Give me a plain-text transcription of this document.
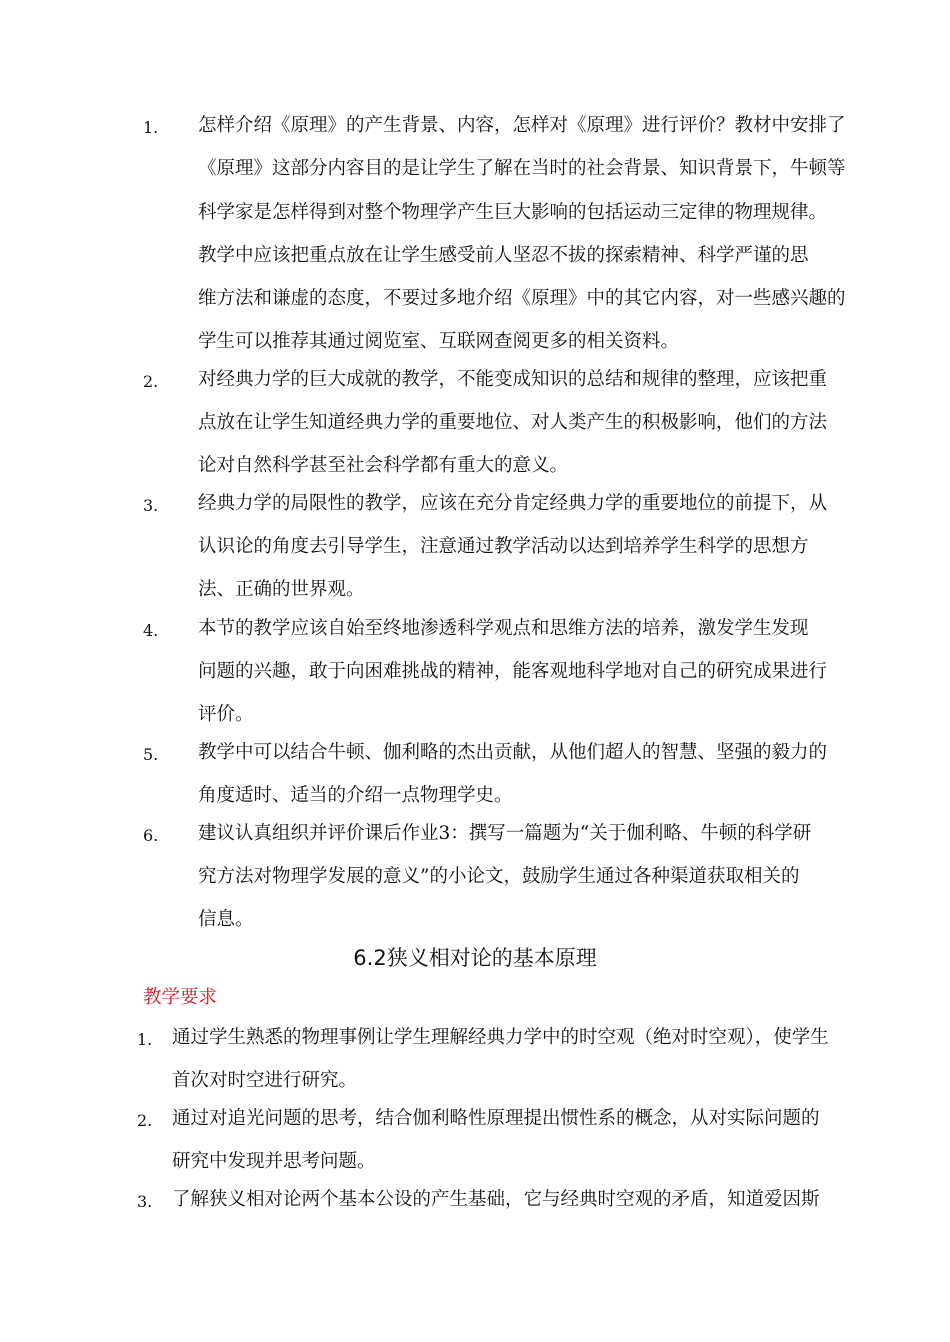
1. 怎样介绍《原理》的产生背景、内容，怎样对《原理》进行评价？教材中安排了
《原理》这部分内容目的是让学生了解在当时的社会背景、知识背景下，牛顿等
科学家是怎样得到对整个物理学产生巨大影响的包括运动三定律的物理规律。
教学中应该把重点放在让学生感受前人坚忍不拔的探索精神、科学严谨的思
维方法和谦虚的态度，不要过多地介绍《原理》中的其它内容，对一些感兴趣的
学生可以推荐其通过阅览室、互联网查阅更多的相关资料。
2. 对经典力学的巨大成就的教学，不能变成知识的总结和规律的整理，应该把重
点放在让学生知道经典力学的重要地位、对人类产生的积极影响，他们的方法
论对自然科学甚至社会科学都有重大的意义。
3. 经典力学的局限性的教学，应该在充分肯定经典力学的重要地位的前提下，从
认识论的角度去引导学生，注意通过教学活动以达到培养学生科学的思想方
法、正确的世界观。
4. 本节的教学应该自始至终地渗透科学观点和思维方法的培养，激发学生发现
问题的兴趣，敢于向困难挑战的精神，能客观地科学地对自己的研究成果进行
评价。
5. 教学中可以结合牛顿、伽利略的杰出贡献，从他们超人的智慧、坚强的毅力的
角度适时、适当的介绍一点物理学史。
6. 建议认真组织并评价课后作业3：撰写一篇题为“关于伽利略、牛顿的科学研
究方法对物理学发展的意义”的小论文，鼓励学生通过各种渠道获取相关的
信息。
6.2狭义相对论的基本原理
教学要求
1. 通过学生熟悉的物理事例让学生理解经典力学中的时空观（绝对时空观），使学生
首次对时空进行研究。
2. 通过对追光问题的思考，结合伽利略性原理提出惯性系的概念，从对实际问题的
研究中发现并思考问题。
3. 了解狭义相对论两个基本公设的产生基础，它与经典时空观的矛盾，知道爱因斯
